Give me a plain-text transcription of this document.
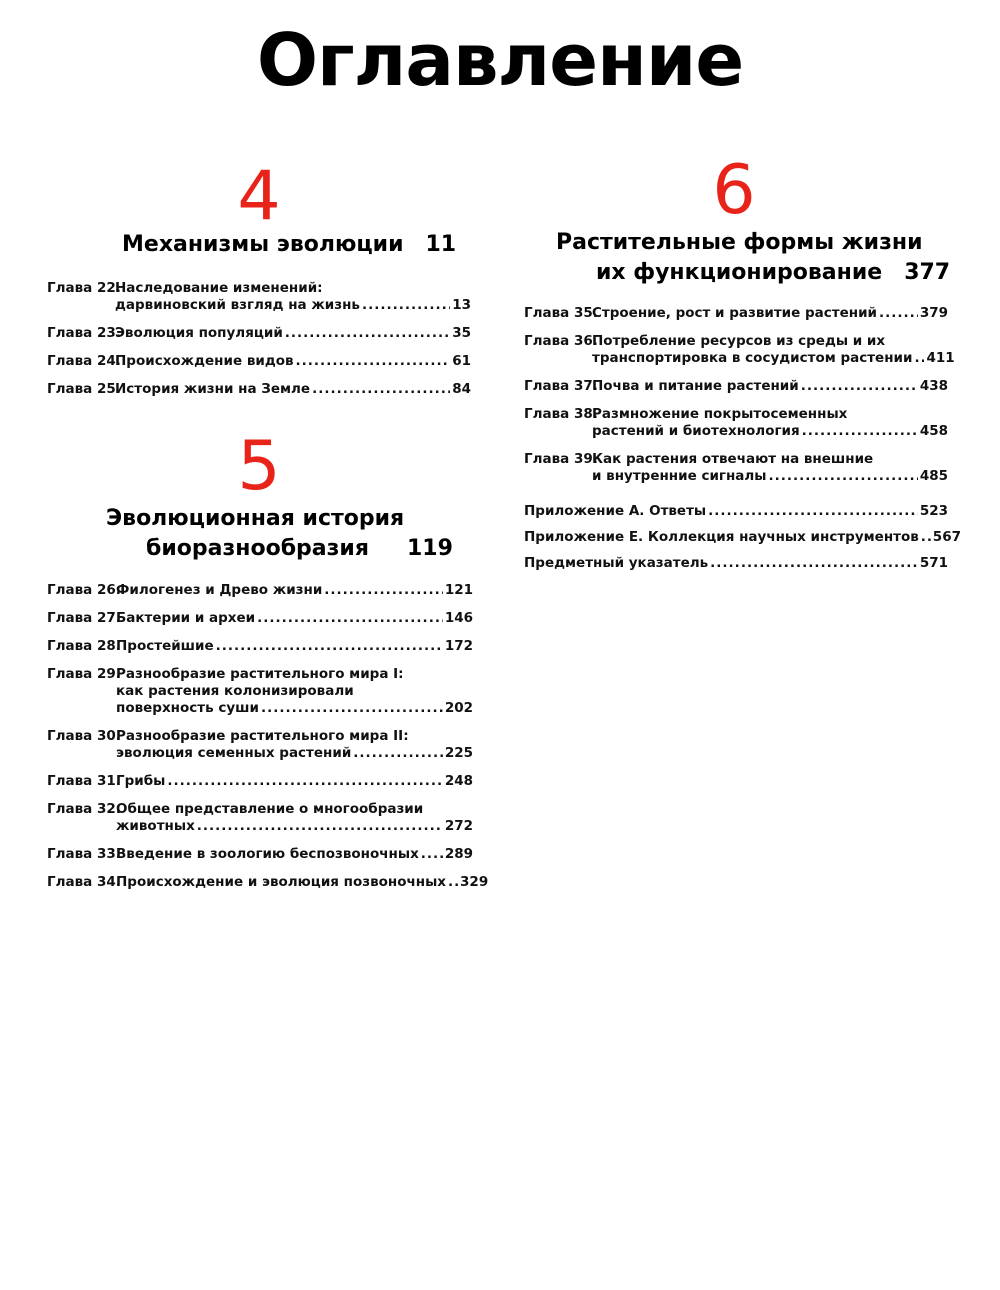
Оглавление
4
Механизмы эволюции 11
Глава 22.
Наследование изменений:
дарвиновский взгляд на жизнь .....	13
Глава 23.
Эволюция популяций .....	35
Глава 24.
Происхождение видов .....	61
Глава 25.
История жизни на Земле .....	84
5
Эволюционная история
биоразнообразия 119
Глава 26.
Филогенез и Древо жизни .....	121
Глава 27.
Бактерии и археи .....	146
Глава 28.
Простейшие .....	172
Глава 29.
Разнообразие растительного мира I:
как растения колонизировали
поверхность суши .....	202
Глава 30.
Разнообразие растительного мира II:
эволюция семенных растений .....	225
Глава 31.
Грибы .....	248
Глава 32.
Общее представление о многообразии
животных .....	272
Глава 33.
Введение в зоологию беспозвоночных ..... 289
Глава 34.
Происхождение и эволюция позвоночных ..... 329
6
Растительные формы жизни
их функционирование 377
Глава 35.
Строение, рост и развитие растений .....	379
Глава 36.
Потребление ресурсов из среды и их
транспортировка в сосудистом растении ..... 411
Глава 37.
Почва и питание растений .....	438
Глава 38.
Размножение покрытосеменных
растений и биотехнология .....	458
Глава 39.
Как растения отвечают на внешние
и внутренние сигналы .....	485
Приложение А. Ответы .....	523
Приложение Е. Коллекция научных инструментов ..... 567
Предметный указатель .....	571
